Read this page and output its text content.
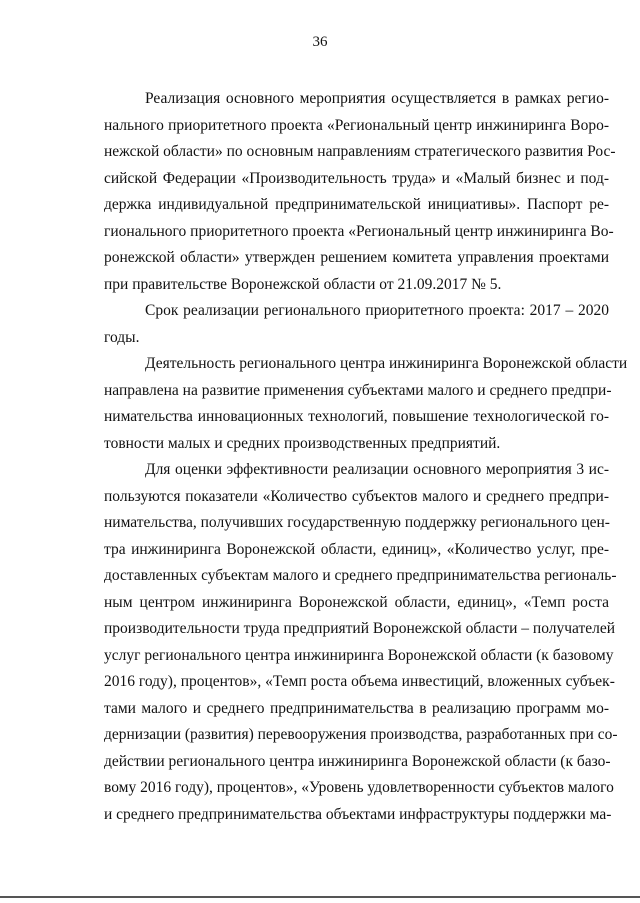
36
Реализация основного мероприятия осуществляется в рамках регио-
нального приоритетного проекта «Региональный центр инжиниринга Воро-
нежской области» по основным направлениям стратегического развития Рос-
сийской Федерации «Производительность труда» и «Малый бизнес и под-
держка индивидуальной предпринимательской инициативы». Паспорт ре-
гионального приоритетного проекта «Региональный центр инжиниринга Во-
ронежской области» утвержден решением комитета управления проектами
при правительстве Воронежской области от 21.09.2017 № 5.
Срок реализации регионального приоритетного проекта: 2017 – 2020
годы.
Деятельность регионального центра инжиниринга Воронежской области
направлена на развитие применения субъектами малого и среднего предпри-
нимательства инновационных технологий, повышение технологической го-
товности малых и средних производственных предприятий.
Для оценки эффективности реализации основного мероприятия 3 ис-
пользуются показатели «Количество субъектов малого и среднего предпри-
нимательства, получивших государственную поддержку регионального цен-
тра инжиниринга Воронежской области, единиц», «Количество услуг, пре-
доставленных субъектам малого и среднего предпринимательства региональ-
ным центром инжиниринга Воронежской области, единиц», «Темп роста
производительности труда предприятий Воронежской области – получателей
услуг регионального центра инжиниринга Воронежской области (к базовому
2016 году), процентов», «Темп роста объема инвестиций, вложенных субъек-
тами малого и среднего предпринимательства в реализацию программ мо-
дернизации (развития) перевооружения производства, разработанных при со-
действии регионального центра инжиниринга Воронежской области (к базо-
вому 2016 году), процентов», «Уровень удовлетворенности субъектов малого
и среднего предпринимательства объектами инфраструктуры поддержки ма-
